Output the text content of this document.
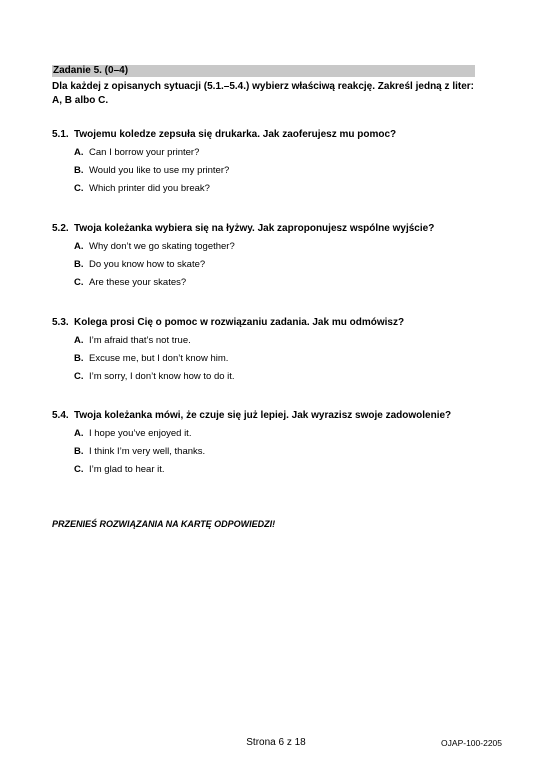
Zadanie 5. (0–4)
Dla każdej z opisanych sytuacji (5.1.–5.4.) wybierz właściwą reakcję. Zakreśl jedną z liter: A, B albo C.
5.1. Twojemu koledze zepsuła się drukarka. Jak zaoferujesz mu pomoc?
A. Can I borrow your printer?
B. Would you like to use my printer?
C. Which printer did you break?
5.2. Twoja koleżanka wybiera się na łyżwy. Jak zaproponujesz wspólne wyjście?
A. Why don’t we go skating together?
B. Do you know how to skate?
C. Are these your skates?
5.3. Kolega prosi Cię o pomoc w rozwiązaniu zadania. Jak mu odmówisz?
A. I’m afraid that’s not true.
B. Excuse me, but I don’t know him.
C. I’m sorry, I don’t know how to do it.
5.4. Twoja koleżanka mówi, że czuje się już lepiej. Jak wyrazisz swoje zadowolenie?
A. I hope you’ve enjoyed it.
B. I think I’m very well, thanks.
C. I’m glad to hear it.
PRZENIEŚ ROZWIĄZANIA NA KARTĘ ODPOWIEDZI!
Strona 6 z 18	OJAP-100-2205
